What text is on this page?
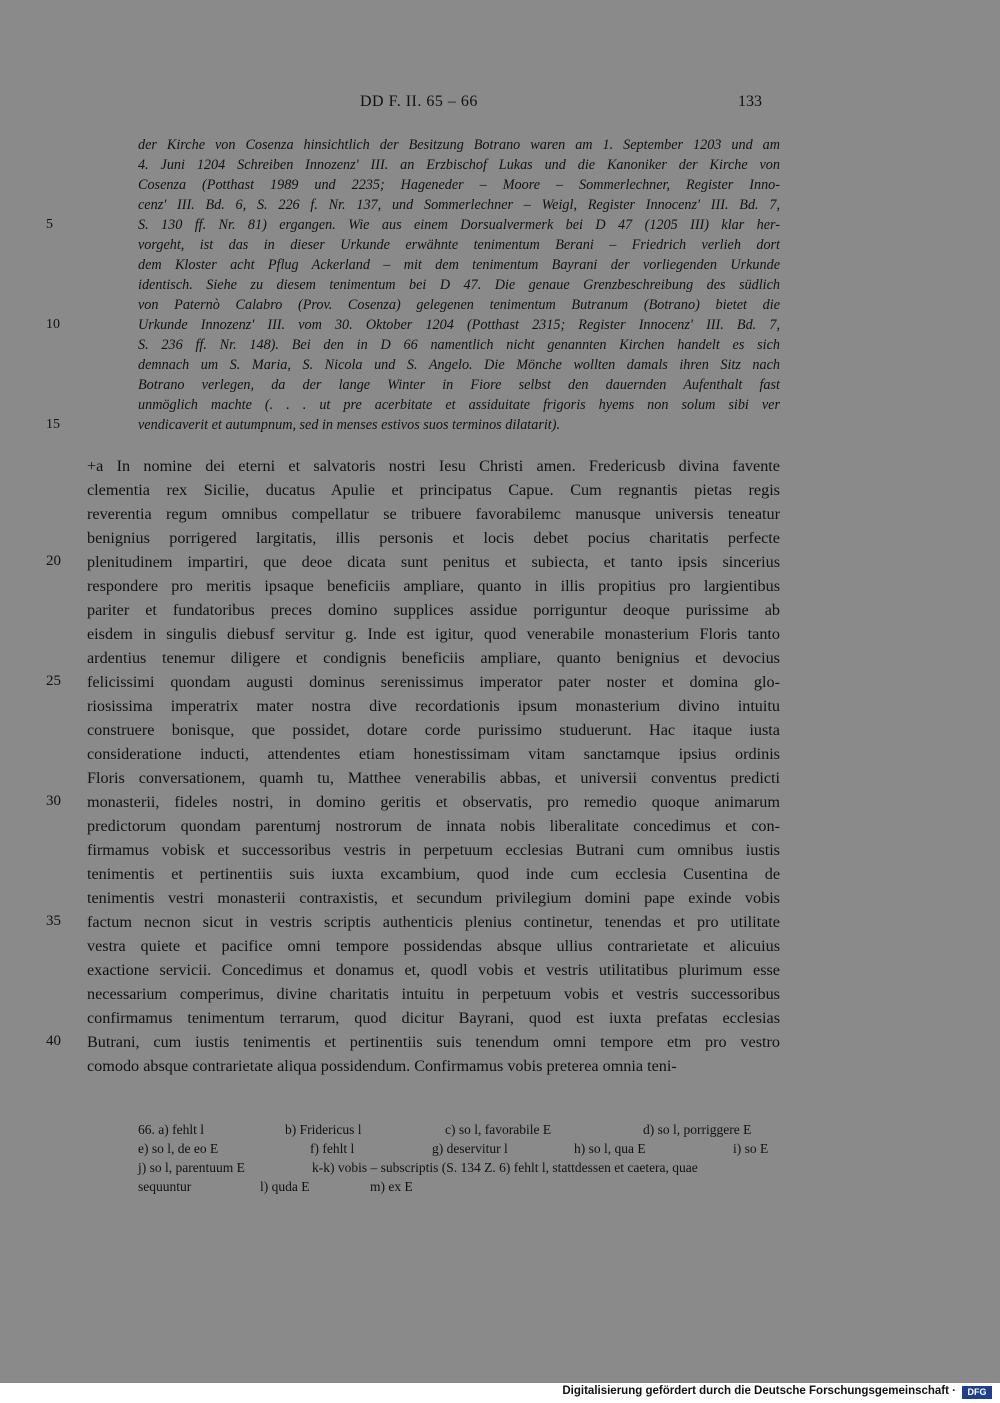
DD F. II. 65 – 66	133
der Kirche von Cosenza hinsichtlich der Besitzung Botrano waren am 1. September 1203 und am
4. Juni 1204 Schreiben Innozenz' III. an Erzbischof Lukas und die Kanoniker der Kirche von
Cosenza (Potthast 1989 und 2235; Hageneder – Moore – Sommerlechner, Register Inno-
cenz' III. Bd. 6, S. 226 f. Nr. 137, und Sommerlechner – Weigl, Register Innocenz' III. Bd. 7,
S. 130 ff. Nr. 81) ergangen. Wie aus einem Dorsualvermerk bei D 47 (1205 III) klar her-
vorgeht, ist das in dieser Urkunde erwähnte tenimentum Berani – Friedrich verlieh dort
dem Kloster acht Pflug Ackerland – mit dem tenimentum Bayrani der vorliegenden Urkunde
identisch. Siehe zu diesem tenimentum bei D 47. Die genaue Grenzbeschreibung des südlich
von Paternò Calabro (Prov. Cosenza) gelegenen tenimentum Butranum (Botrano) bietet die
Urkunde Innozenz' III. vom 30. Oktober 1204 (Potthast 2315; Register Innocenz' III. Bd. 7,
S. 236 ff. Nr. 148). Bei den in D 66 namentlich nicht genannten Kirchen handelt es sich
demnach um S. Maria, S. Nicola und S. Angelo. Die Mönche wollten damals ihren Sitz nach
Botrano verlegen, da der lange Winter in Fiore selbst den dauernden Aufenthalt fast
unmöglich machte (. . . ut pre acerbitate et assiduitate frigoris hyems non solum sibi ver
vendicaverit et autumpnum, sed in menses estivos suos terminos dilatarit).
5
10
15
+a In nomine dei eterni et salvatoris nostri Iesu Christi amen. Fredericusb divina favente
clementia rex Sicilie, ducatus Apulie et principatus Capue. Cum regnantis pietas regis
reverentia regum omnibus compellatur se tribuere favorabilemc manusque universis teneatur
benignius porrigered largitatis, illis personis et locis debet pocius charitatis perfecte
plenitudinem impartiri, que deoe dicata sunt penitus et subiecta, et tanto ipsis sincerius
respondere pro meritis ipsaque beneficiis ampliare, quanto in illis propitius pro largientibus
pariter et fundatoribus preces domino supplices assidue porriguntur deoque purissime ab
eisdem in singulis diebusf servitur g. Inde est igitur, quod venerabile monasterium Floris tanto
ardentius tenemur diligere et condignis beneficiis ampliare, quanto benignius et devocius
felicissimi quondam augusti dominus serenissimus imperator pater noster et domina glo-
riosissima imperatrix mater nostra dive recordationis ipsum monasterium divino intuitu
construere bonisque, que possidet, dotare corde purissimo studuerunt. Hac itaque iusta
consideratione inducti, attendentes etiam honestissimam vitam sanctamque ipsius ordinis
Floris conversationem, quamh tu, Matthee venerabilis abbas, et universii conventus predicti
monasterii, fideles nostri, in domino geritis et observatis, pro remedio quoque animarum
predictorum quondam parentumj nostrorum de innata nobis liberalitate concedimus et con-
firmamus vobisk et successoribus vestris in perpetuum ecclesias Butrani cum omnibus iustis
tenimentis et pertinentiis suis iuxta excambium, quod inde cum ecclesia Cusentina de
tenimentis vestri monasterii contraxistis, et secundum privilegium domini pape exinde vobis
factum necnon sicut in vestris scriptis authenticis plenius continetur, tenendas et pro utilitate
vestra quiete et pacifice omni tempore possidendas absque ullius contrarietate et alicuius
exactione servicii. Concedimus et donamus et, quodl vobis et vestris utilitatibus plurimum esse
necessarium comperimus, divine charitatis intuitu in perpetuum vobis et vestris successoribus
confirmamus tenimentum terrarum, quod dicitur Bayrani, quod est iuxta prefatas ecclesias
Butrani, cum iustis tenimentis et pertinentiis suis tenendum omni tempore etm pro vestro
comodo absque contrarietate aliqua possidendum. Confirmamus vobis preterea omnia teni-
20
25
30
35
40
66. a) fehlt l	b) Fridericus l	c) so l, favorabile E	d) so l, porriggere E
e) so l, de eo E	f) fehlt l	g) deservitur l	h) so l, qua E	i) so E
j) so l, parentuum E	k-k) vobis – subscriptis (S. 134 Z. 6) fehlt l, stattdessen et caetera, quae
sequuntur	l) quda E	m) ex E
Digitalisierung gefördert durch die Deutsche Forschungsgemeinschaft ·	DFG
